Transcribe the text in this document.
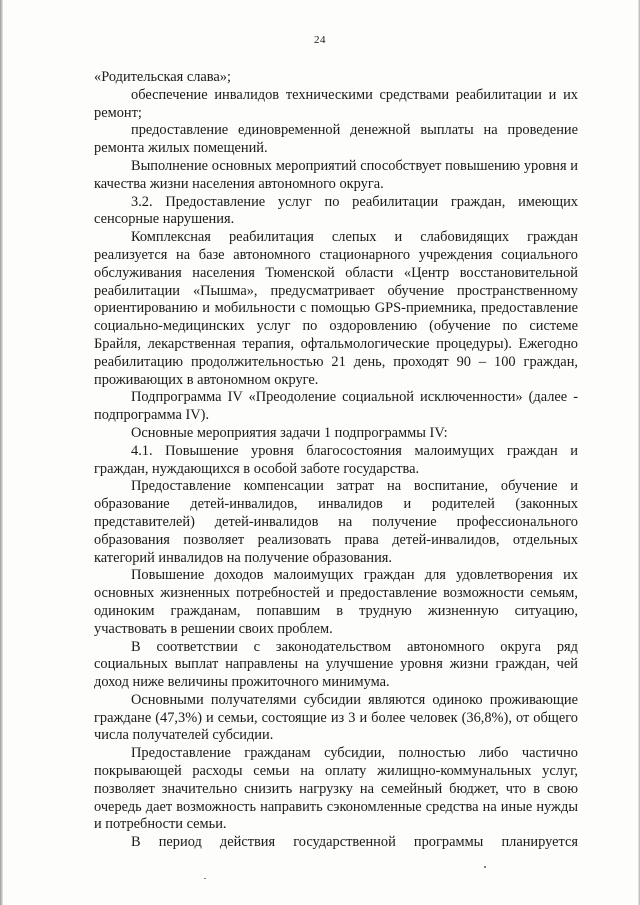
24

«Родительская слава»;

обеспечение инвалидов техническими средствами реабилитации и их ремонт;

предоставление единовременной денежной выплаты на проведение ремонта жилых помещений.

Выполнение основных мероприятий способствует повышению уровня и качества жизни населения автономного округа.

3.2. Предоставление услуг по реабилитации граждан, имеющих сенсорные нарушения.

Комплексная реабилитация слепых и слабовидящих граждан реализуется на базе автономного стационарного учреждения социального обслуживания населения Тюменской области «Центр восстановительной реабилитации «Пышма», предусматривает обучение пространственному ориентированию и мобильности с помощью GPS-приемника, предоставление социально-медицинских услуг по оздоровлению (обучение по системе Брайля, лекарственная терапия, офтальмологические процедуры). Ежегодно реабилитацию продолжительностью 21 день, проходят 90 – 100 граждан, проживающих в автономном округе.

Подпрограмма IV «Преодоление социальной исключенности» (далее - подпрограмма IV).

Основные мероприятия задачи 1 подпрограммы IV:

4.1. Повышение уровня благосостояния малоимущих граждан и граждан, нуждающихся в особой заботе государства.

Предоставление компенсации затрат на воспитание, обучение и образование детей-инвалидов, инвалидов и родителей (законных представителей) детей-инвалидов на получение профессионального образования позволяет реализовать права детей-инвалидов, отдельных категорий инвалидов на получение образования.

Повышение доходов малоимущих граждан для удовлетворения их основных жизненных потребностей и предоставление возможности семьям, одиноким гражданам, попавшим в трудную жизненную ситуацию, участвовать в решении своих проблем.

В соответствии с законодательством автономного округа ряд социальных выплат направлены на улучшение уровня жизни граждан, чей доход ниже величины прожиточного минимума.

Основными получателями субсидии являются одиноко проживающие граждане (47,3%) и семьи, состоящие из 3 и более человек (36,8%), от общего числа получателей субсидии.

Предоставление гражданам субсидии, полностью либо частично покрывающей расходы семьи на оплату жилищно-коммунальных услуг, позволяет значительно снизить нагрузку на семейный бюджет, что в свою очередь дает возможность направить сэкономленные средства на иные нужды и потребности семьи.

В период действия государственной программы планируется
